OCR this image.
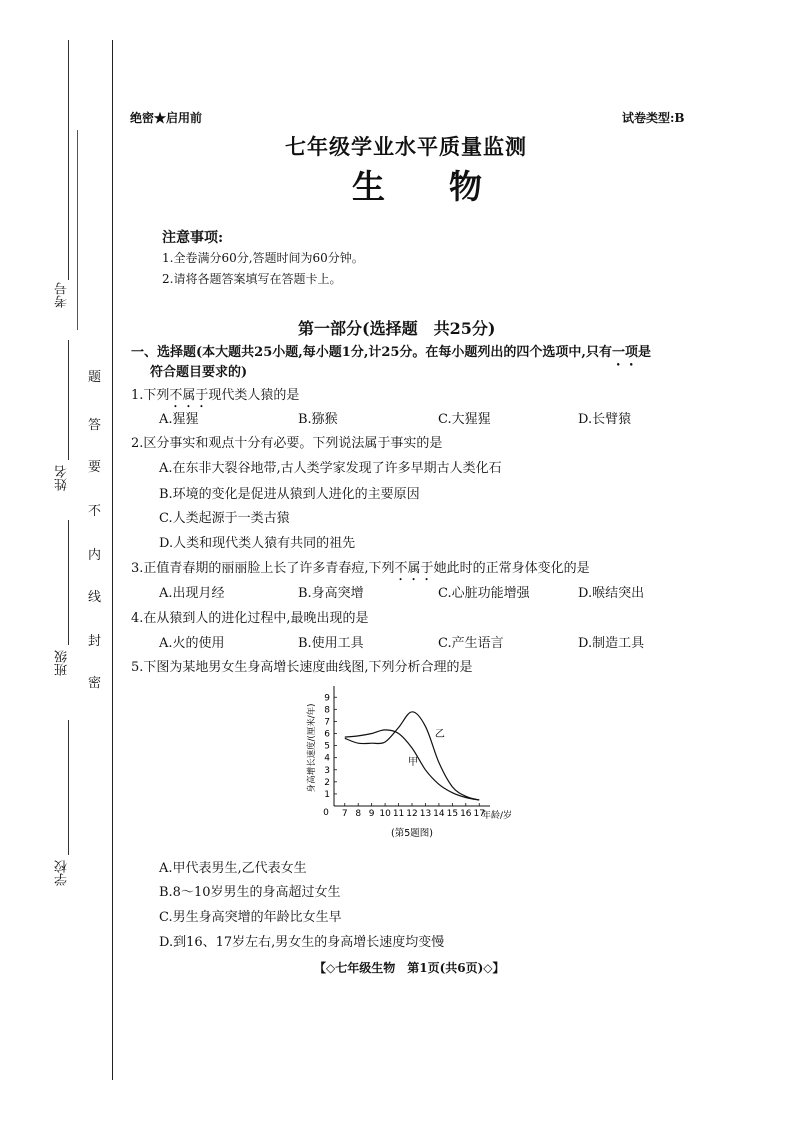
考号
姓名
班级
学校
题
答
要
不
内
线
封
密
绝密★启用前	试卷类型:B
七年级学业水平质量监测
生 物
注意事项:
1.全卷满分60分,答题时间为60分钟。
2.请将各题答案填写在答题卡上。
第一部分(选择题　共25分)
一、选择题(本大题共25小题,每小题1分,计25分。在每小题列出的四个选项中,只有一项是
符合题目要求的)
1.下列不属于现代类人猿的是
A.猩猩	B.猕猴	C.大猩猩	D.长臂猿
2.区分事实和观点十分有必要。下列说法属于事实的是
A.在东非大裂谷地带,古人类学家发现了许多早期古人类化石
B.环境的变化是促进从猿到人进化的主要原因
C.人类起源于一类古猿
D.人类和现代类人猿有共同的祖先
3.正值青春期的丽丽脸上长了许多青春痘,下列不属于她此时的正常身体变化的是
A.出现月经	B.身高突增	C.心脏功能增强	D.喉结突出
4.在从猿到人的进化过程中,最晚出现的是
A.火的使用	B.使用工具	C.产生语言	D.制造工具
5.下图为某地男女生身高增长速度曲线图,下列分析合理的是
0 7 8 9 10 11 12 13 14 15 16 17
1
2
3
4
5
6
7
8
9
年龄/岁
身高增长速度/(厘米/年)	甲
乙
(第5题图)
A.甲代表男生,乙代表女生
B.8～10岁男生的身高超过女生
C.男生身高突增的年龄比女生早
D.到16、17岁左右,男女生的身高增长速度均变慢
【◇七年级生物　第1页(共6页)◇】
